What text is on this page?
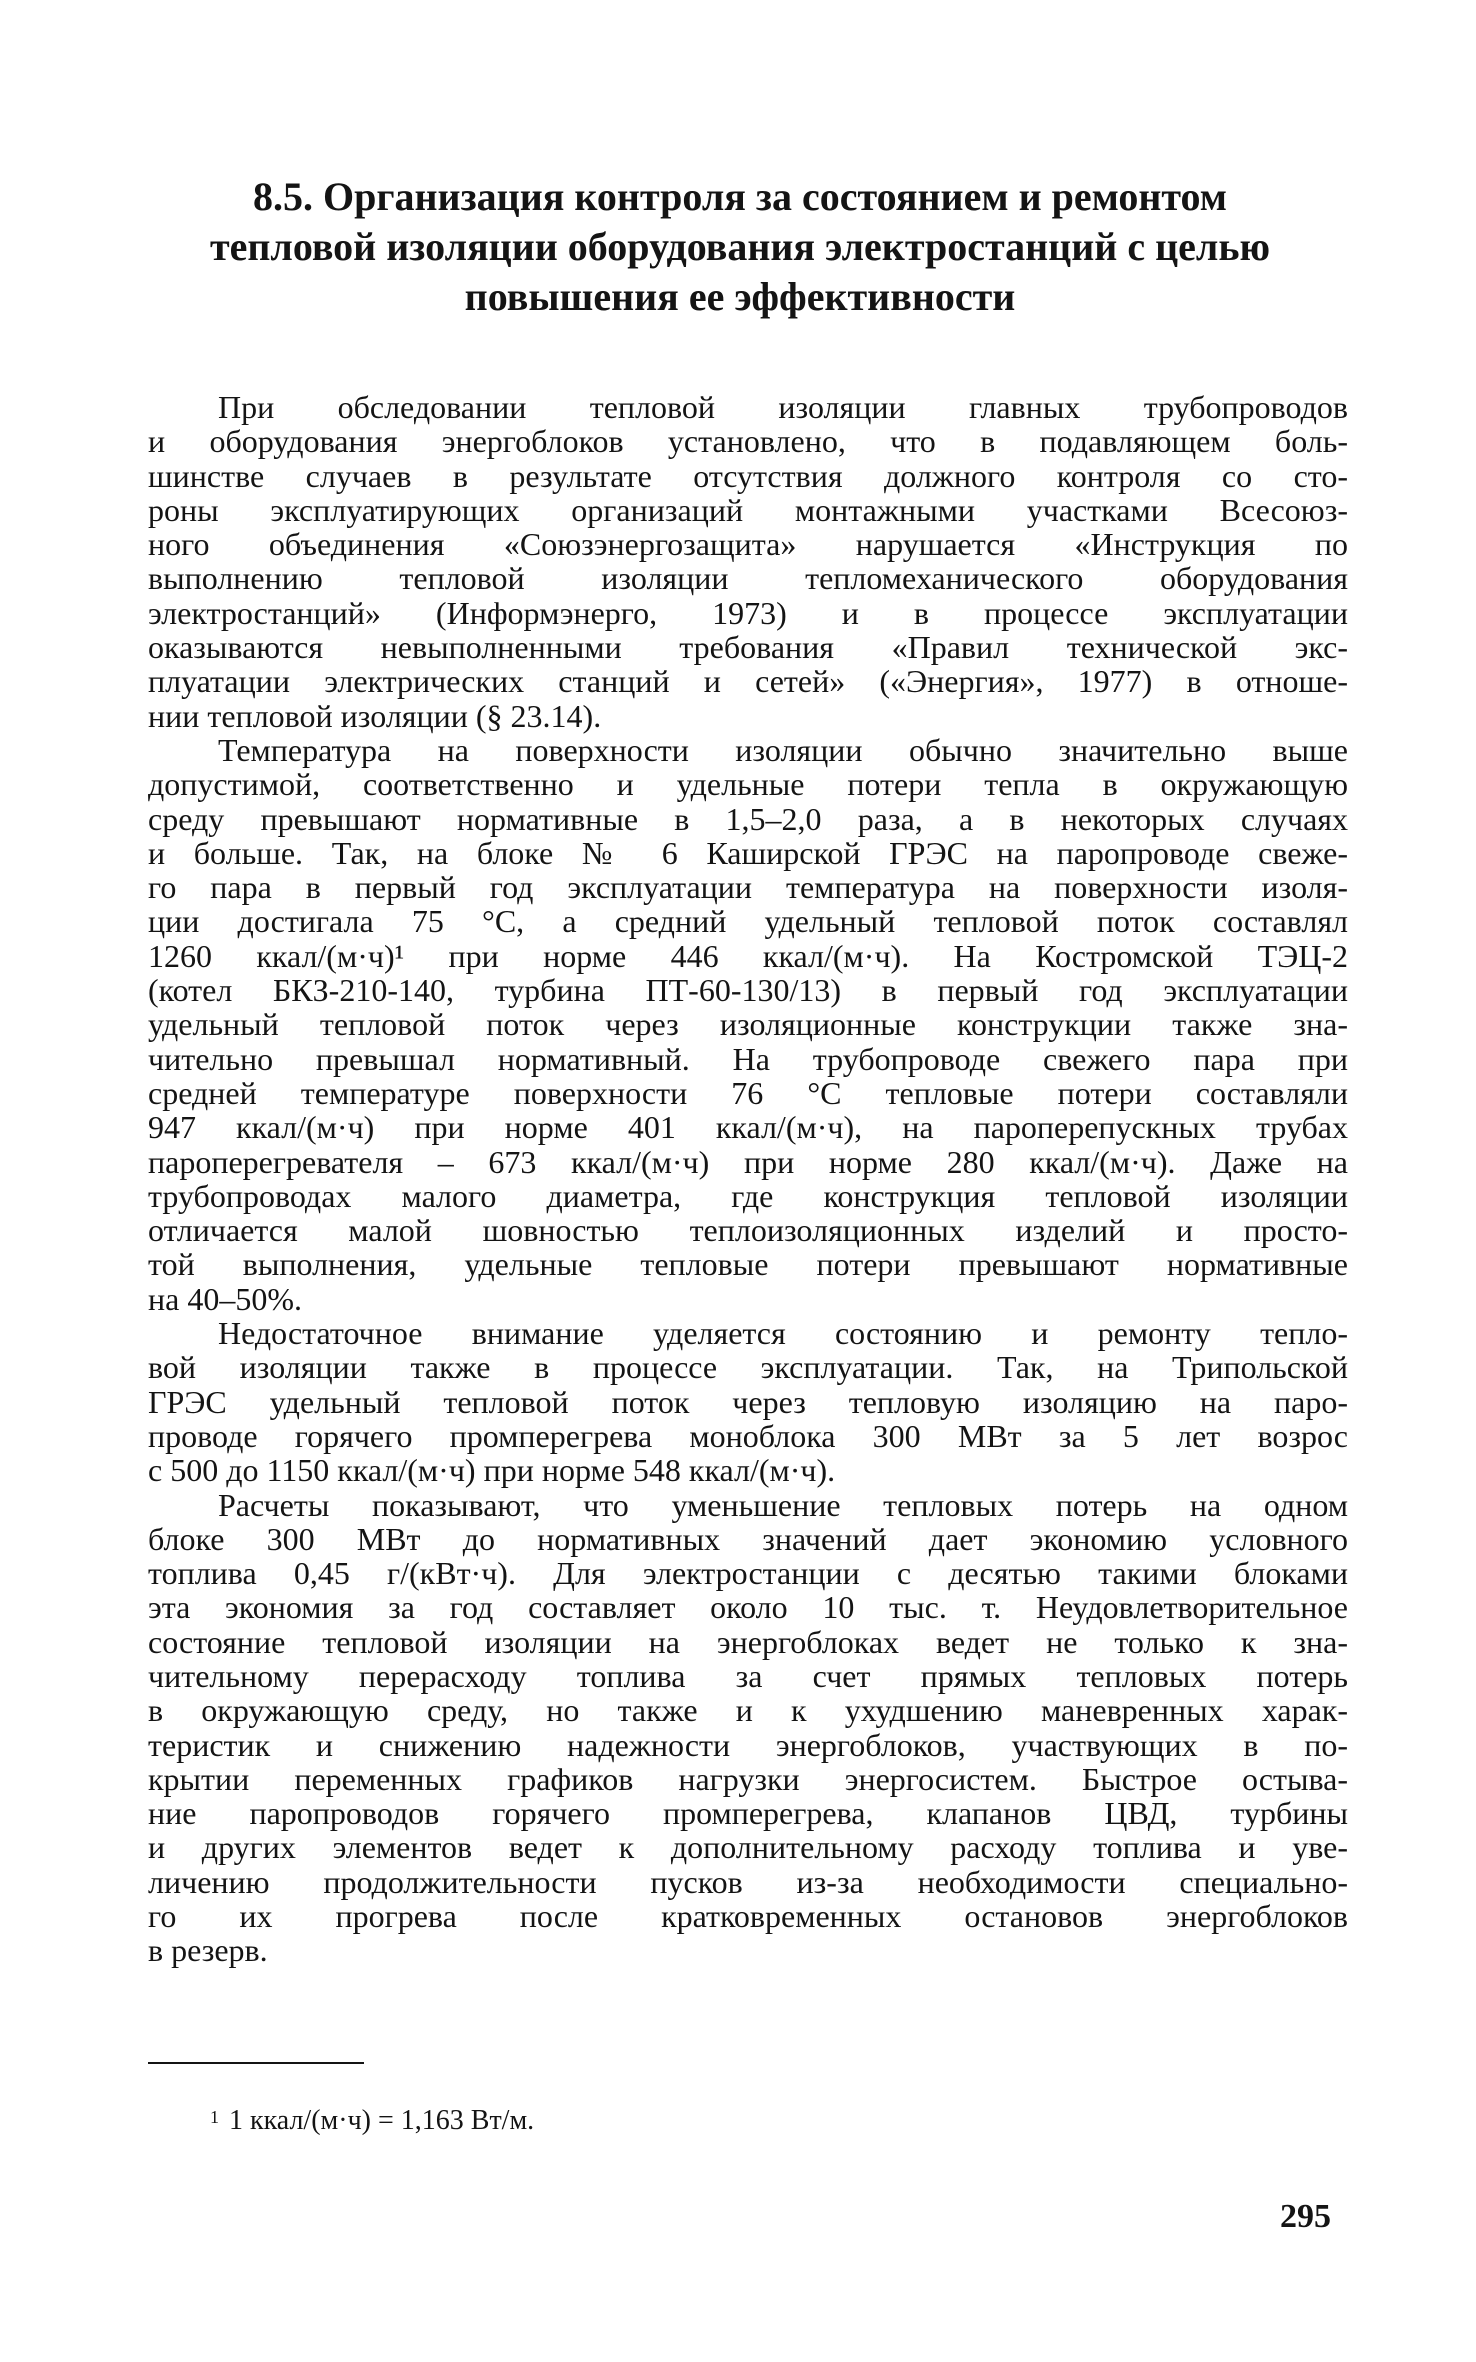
8.5. Организация контроля за состоянием и ремонтом
тепловой изоляции оборудования электростанций с целью
повышения ее эффективности
При обследовании тепловой изоляции главных трубопроводов
и оборудования энергоблоков установлено, что в подавляющем боль-
шинстве случаев в результате отсутствия должного контроля со сто-
роны эксплуатирующих организаций монтажными участками Всесоюз-
ного объединения «Союзэнергозащита» нарушается «Инструкция по
выполнению тепловой изоляции тепломеханического оборудования
электростанций» (Информэнерго, 1973) и в процессе эксплуатации
оказываются невыполненными требования «Правил технической экс-
плуатации электрических станций и сетей» («Энергия», 1977) в отноше-
нии тепловой изоляции (§ 23.14).
Температура на поверхности изоляции обычно значительно выше
допустимой, соответственно и удельные потери тепла в окружающую
среду превышают нормативные в 1,5–2,0 раза, а в некоторых случаях
и больше. Так, на блоке № 6 Каширской ГРЭС на паропроводе свеже-
го пара в первый год эксплуатации температура на поверхности изоля-
ции достигала 75 °С, а средний удельный тепловой поток составлял
1260 ккал/(м·ч)¹ при норме 446 ккал/(м·ч). На Костромской ТЭЦ-2
(котел БКЗ-210-140, турбина ПТ-60-130/13) в первый год эксплуатации
удельный тепловой поток через изоляционные конструкции также зна-
чительно превышал нормативный. На трубопроводе свежего пара при
средней температуре поверхности 76 °С тепловые потери составляли
947 ккал/(м·ч) при норме 401 ккал/(м·ч), на пароперепускных трубах
пароперегревателя – 673 ккал/(м·ч) при норме 280 ккал/(м·ч). Даже на
трубопроводах малого диаметра, где конструкция тепловой изоляции
отличается малой шовностью теплоизоляционных изделий и просто-
той выполнения, удельные тепловые потери превышают нормативные
на 40–50%.
Недостаточное внимание уделяется состоянию и ремонту тепло-
вой изоляции также в процессе эксплуатации. Так, на Трипольской
ГРЭС удельный тепловой поток через тепловую изоляцию на паро-
проводе горячего промперегрева моноблока 300 МВт за 5 лет возрос
с 500 до 1150 ккал/(м·ч) при норме 548 ккал/(м·ч).
Расчеты показывают, что уменьшение тепловых потерь на одном
блоке 300 МВт до нормативных значений дает экономию условного
топлива 0,45 г/(кВт·ч). Для электростанции с десятью такими блоками
эта экономия за год составляет около 10 тыс. т. Неудовлетворительное
состояние тепловой изоляции на энергоблоках ведет не только к зна-
чительному перерасходу топлива за счет прямых тепловых потерь
в окружающую среду, но также и к ухудшению маневренных харак-
теристик и снижению надежности энергоблоков, участвующих в по-
крытии переменных графиков нагрузки энергосистем. Быстрое остыва-
ние паропроводов горячего промперегрева, клапанов ЦВД, турбины
и других элементов ведет к дополнительному расходу топлива и уве-
личению продолжительности пусков из-за необходимости специально-
го их прогрева после кратковременных остановов энергоблоков
в резерв.
$^1$ 1 ккал/(м·ч) = 1,163 Вт/м.
295
